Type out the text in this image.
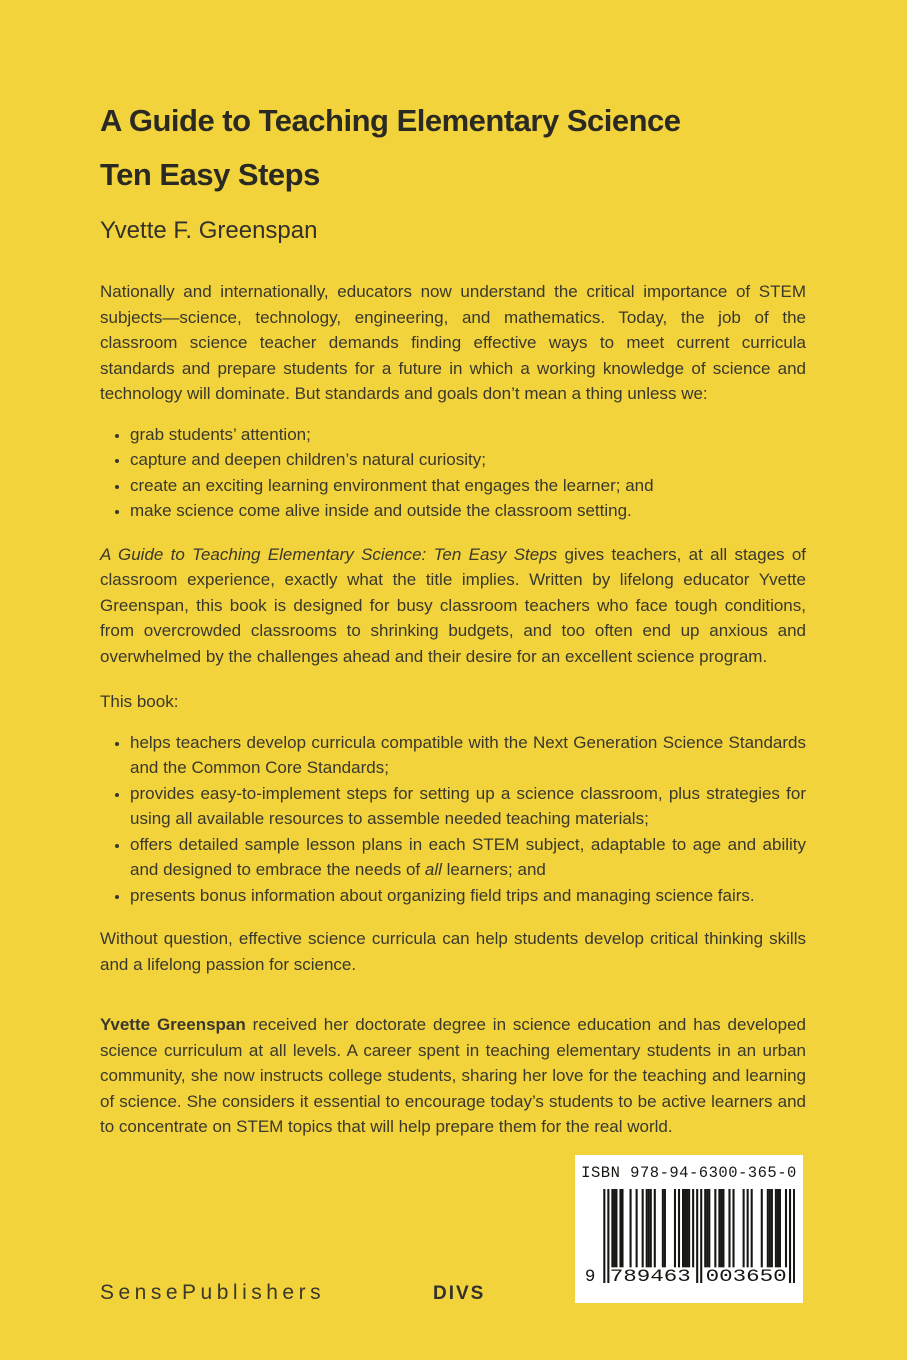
A Guide to Teaching Elementary Science
Ten Easy Steps
Yvette F. Greenspan

Nationally and internationally, educators now understand the critical importance of STEM subjects—science, technology, engineering, and mathematics. Today, the job of the classroom science teacher demands finding effective ways to meet current curricula standards and prepare students for a future in which a working knowledge of science and technology will dominate. But standards and goals don’t mean a thing unless we:

• grab students’ attention;
• capture and deepen children’s natural curiosity;
• create an exciting learning environment that engages the learner; and
• make science come alive inside and outside the classroom setting.

A Guide to Teaching Elementary Science: Ten Easy Steps gives teachers, at all stages of classroom experience, exactly what the title implies. Written by lifelong educator Yvette Greenspan, this book is designed for busy classroom teachers who face tough conditions, from overcrowded classrooms to shrinking budgets, and too often end up anxious and overwhelmed by the challenges ahead and their desire for an excellent science program.

This book:

• helps teachers develop curricula compatible with the Next Generation Science Standards and the Common Core Standards;
• provides easy-to-implement steps for setting up a science classroom, plus strategies for using all available resources to assemble needed teaching materials;
• offers detailed sample lesson plans in each STEM subject, adaptable to age and ability and designed to embrace the needs of all learners; and
• presents bonus information about organizing field trips and managing science fairs.

Without question, effective science curricula can help students develop critical thinking skills and a lifelong passion for science.

Yvette Greenspan received her doctorate degree in science education and has developed science curriculum at all levels. A career spent in teaching elementary students in an urban community, she now instructs college students, sharing her love for the teaching and learning of science. She considers it essential to encourage today’s students to be active learners and to concentrate on STEM topics that will help prepare them for the real world.

ISBN 978-94-6300-365-0
9 789463 003650
SensePublishers	DIVS
